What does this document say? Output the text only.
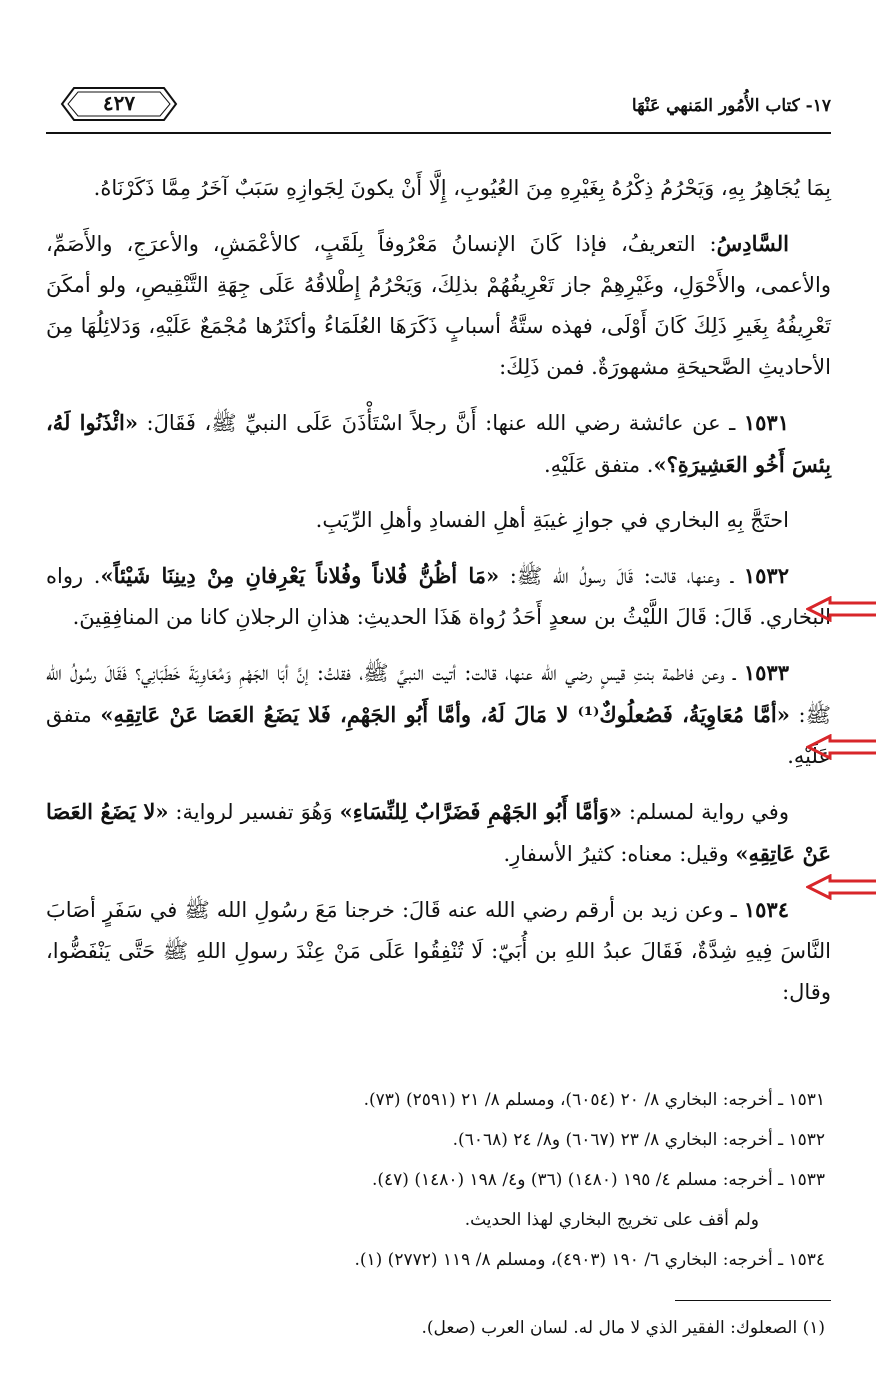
١٧- كتاب الأُمُور المَنهي عَنْهَا
٤٢٧

بِمَا يُجَاهِرُ بِهِ، وَيَحْرُمُ ذِكْرُهُ بِغَيْرِهِ مِنَ العُيُوبِ، إِلَّا أَنْ يكونَ لِجَوازِهِ سَبَبٌ آخَرُ مِمَّا ذَكَرْنَاهُ.

السَّادِسُ: التعريفُ، فإذا كَانَ الإنسانُ مَعْرُوفاً بِلَقَبٍ، كالأعْمَشِ، والأعرَجِ، والأَصَمِّ، والأعمى، والأَحْوَلِ، وغَيْرِهِمْ جاز تَعْرِيفُهُمْ بذلِكَ، وَيَحْرُمُ إِطْلاقُهُ عَلَى جِهَةِ التَّنْقِيصِ، ولو أمكَنَ تَعْرِيفُهُ بِغَيرِ ذَلِكَ كَانَ أَوْلَى، فهذه ستَّةُ أسبابٍ ذَكَرَهَا العُلَمَاءُ وأكثَرُها مُجْمَعٌ عَلَيْهِ، وَدَلائِلُهَا مِنَ الأحاديثِ الصَّحيحَةِ مشهورَةٌ. فمن ذَلِكَ:

١٥٣١ ـ عن عائشة رضي الله عنها: أَنَّ رجلاً اسْتَأْذَنَ عَلَى النبيِّ ﷺ، فَقَالَ: «ائْذَنُوا لَهُ، بِئسَ أَخُو العَشِيرَةِ؟». متفق عَلَيْهِ.

احتَجَّ بِهِ البخاري في جوازِ غيبَةِ أهلِ الفسادِ وأهلِ الرِّيَبِ.

١٥٣٢ ـ وعنها، قالت: قَالَ رسولُ الله ﷺ: «مَا أظُنُّ فُلاناً وفُلاناً يَعْرِفانِ مِنْ دِينِنَا شَيْئاً». رواه البخاري. قَالَ: قَالَ اللَّيْثُ بن سعدٍ أَحَدُ رُواة هَذَا الحديثِ: هذانِ الرجلانِ كانا من المنافِقِينَ.

١٥٣٣ ـ وعن فاطمة بنتِ قيسٍ رضي الله عنها، قالت: أتيت النبيَّ ﷺ، فقلتُ: إنَّ أبَا الجَهْمِ وَمُعَاوِيَةَ خَطَبَانِي؟ فَقَالَ رسُولُ الله ﷺ: «أمَّا مُعَاوِيَةُ، فَصُعلُوكٌ⁽¹⁾ لا مَالَ لَهُ، وأمَّا أَبُو الجَهْمِ، فَلا يَضَعُ العَصَا عَنْ عَاتِقِهِ» متفق عَلَيْهِ.

وفي رواية لمسلم: «وَأمَّا أَبُو الجَهْمِ فَضَرَّابٌ لِلنِّسَاءِ» وَهُوَ تفسير لرواية: «لا يَضَعُ العَصَا عَنْ عَاتِقِهِ» وقيل: معناه: كثيرُ الأسفارِ.

١٥٣٤ ـ وعن زيد بن أرقم رضي الله عنه قَالَ: خرجنا مَعَ رسُولِ الله ﷺ في سَفَرٍ أصَابَ النَّاسَ فِيهِ شِدَّةٌ، فَقَالَ عبدُ اللهِ بن أُبَيّ: لَا تُنْفِقُوا عَلَى مَنْ عِنْدَ رسولِ اللهِ ﷺ حَتَّى يَنْفَضُّوا، وقال:

١٥٣١ ـ أخرجه: البخاري ٨/ ٢٠ (٦٠٥٤)، ومسلم ٨/ ٢١ (٢٥٩١) (٧٣).
١٥٣٢ ـ أخرجه: البخاري ٨/ ٢٣ (٦٠٦٧) و٨/ ٢٤ (٦٠٦٨).
١٥٣٣ ـ أخرجه: مسلم ٤/ ١٩٥ (١٤٨٠) (٣٦) و٤/ ١٩٨ (١٤٨٠) (٤٧).
ولم أقف على تخريج البخاري لهذا الحديث.
١٥٣٤ ـ أخرجه: البخاري ٦/ ١٩٠ (٤٩٠٣)، ومسلم ٨/ ١١٩ (٢٧٧٢) (١).
(١) الصعلوك: الفقير الذي لا مال له. لسان العرب (صعل).
